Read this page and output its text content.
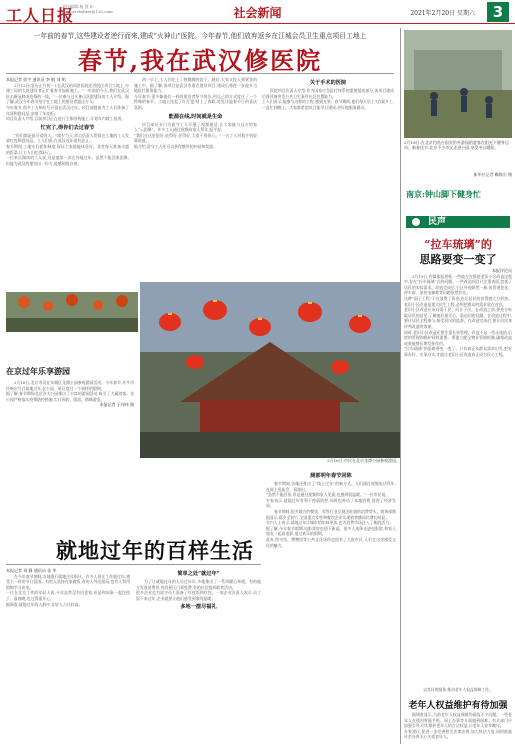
工人日报
责任编辑:杨 凯 E-mail:grrbshxw@126.com	社会新闻	2021年2月20日 星期六	3
一年前的春节,这些建设者逆行而来,建成“火神山”医院。今年春节,他们放弃返乡在江城会员卫生重点项目工地上
春节,我在武汉修医院
本报记者 彭宇 通讯员 李 敏 刘 明
2月12日(农历正月初一),在武汉的同济医院光谷院区项目工地上,中建三局的大批建设者正忙着春节加班施工。“一年前的今天,我们在武汉抗击新冠肺炎疫情的一线。”一位参与过火神山医院建设的工人介绍。据了解,武汉今年春节坚守在工地上的建设者超过万人。
今年春节,很多工人响应号召留在武汉过年。项目部提前为工人们准备了年货和慰问品,安排了年夜饭。
项目负责人介绍,目前项目正在进行主体结构施工,计划年内竣工投用。
忙完了,得你们去过春节
“你们都是最可爱的人。”除夕当天,项目负责人给留在工地的工人发放红包和慰问品。工人们说,在武汉过年很有意义。
春节期间,工地实行轮休制度,保证大家都能休息好。食堂每天准备丰盛的饭菜,让工人们吃得舒心。
一位来自湖南的工人说,这是他第一次在外地过年。虽然不能回家团聚,但能为武汉的建设出一份力,他感到很自豪。
初一早上,工人们吃上了热腾腾的饺子。随后,大家又投入到紧张的施工中。据了解,该项目是武汉市重点建设项目,建成后将进一步提升当地医疗服务能力。
今年春节,很多像他们一样的建设者坚守岗位,用自己的方式度过了一个特殊的春节。工地上挂起了红灯笼,贴上了春联,处处洋溢着节日的喜庆氛围。
能源在线,时间就是生命
项目部还专门为留守工人开通了视频通话,让大家能与远方的家人“云团聚”。许多工人通过视频向家人拜年,报平安。
“我们在这里很好,吃得好,住得好,大家不用担心。”一名工人对着手机屏幕说道。
据介绍,留守工人还可以获得额外的补贴和奖励。
关于手术的医院
医院项目负责人介绍,作为国家应急医疗体系的重要组成部分,该项目建成后将具备突发公共卫生事件应急处置能力。
工人们表示,能参与这样的工程,感到光荣。春节期间,他们每天早上7点就开工,一直忙到晚上。大家都希望项目能早日建成,更好地服务群众。
2月16日,市民在北京龙潭公园参观游园。
在京过年乐享游园
2月16日,北京市民在东城区龙潭公园参观游园活动。今年春节,许多市民响应号召就地过年,在公园、景区度过一个别样的假期。
据了解,春节期间北京各大公园推出了丰富的游园活动,吸引了大量游客。各公园严格落实疫情防控措施,实行预约、限流、错峰游览。
本报记者 王伟伟 摄
就地过年的百样生活
本报记者 刘 静 通讯员 张 华
在今年春节期间,各地推行就地过年倡议。许多人留在工作地过年,感受不一样的节日氛围。有的人选择在家做饭,有的人外出游玩,也有人利用假期学习充电。
一位在北京工作的年轻人说,今年虽然没有回老家,但是和同事一起包饺子、看春晚,也过得很开心。
据调查,就地过年的人群中,年轻人占比较高。
简单之处“就过年”
为了让就地过年的人员过好年,多地推出了一系列暖心举措。有的地方发放消费券,有的景区门票免费,有的社区组织联欢活动。
很多企业也为留守员工准备了年夜饭和红包。一家企业负责人表示,员工留下来过年,企业就要让他们感受到家的温暖。
多地一摆尽福礼
厕部明年春节回陈
春节期间,各地还推出了“线上过年”的新方式。人们通过视频电话拜年,在网上逛庙会、看演出。
“虽然不能回家,但是通过视频和家人见面,也感到很温暖。”一位市民说。
专家表示,就地过年有利于疫情防控,同时也带动了本地消费,促进了经济发展。
春节期间,很多地方的餐饮、零售行业呈现出旺盛的消费势头。商务部数据显示,除夕至初六,全国重点零售和餐饮企业实现销售额同比增长明显。
业内人士表示,就地过年让城市的年味更浓,也为消费市场注入了新的活力。
据了解,今年春节假期,电影票房也创下新高。很多人选择走进电影院,和家人朋友一起看电影,度过欢乐的假期。
此外,图书馆、博物馆等公共文化场所也迎来了大批市民,人们在这里感受文化的魅力。
2月18日,在北京钓鱼台国宾馆外游园的游客在阳光下健身运动。新春佳节,北京不少市民走进公园,享受冬日暖阳。
新华社记者 鞠焕宗 摄
南京:钟山脚下健身忙
民声
“拉车琉璃”的
思路要变一变了
本报评论员
2月19日,有媒体报道称,一些地方在推进老旧小区改造过程中,存在“拉车琉璃”式的问题。一些改造项目只注重表面,忽视了居民的实际需求。改造完成后,小区外观焕然一新,但管道老化、停车难、加装电梯难等问题依然存在。
这种“面子工程”不仅浪费了资金,也让居民的获得感大打折扣。老旧小区改造是重大民生工程,必须把群众的需求放在首位。
老旧小区改造应该问需于民、问计于民。在改造之前,要充分听取居民的意见,了解他们最关心、最迫切的问题。在改造过程中,要让居民全程参与,接受居民的监督。在改造完成后,要让居民来评判改造的效果。
同时,老旧小区改造还要注重长效管理。改造不是一劳永逸的,后续的管理和维护同样重要。要建立健全物业管理机制,确保改造成果能够长期发挥作用。
“拉车琉璃”的思路要变一变了。只有真正从群众需求出发,把好事办好、实事办实,才能让老旧小区改造真正成为民心工程。
以良好的服务,推动老年人权益保障工作。
老年人权益维护有待加强
据调查显示,当前老年人权益保障仍面临不少问题。一些老年人在使用智能手机、网上办事等方面遇到困难。有关部门应加强引导,切实维护老年人的合法权益,让老年人安享晚年。
专家建议,要进一步完善相关法律法规,加大执法力度,同时鼓励社会各界关心关爱老年人。
